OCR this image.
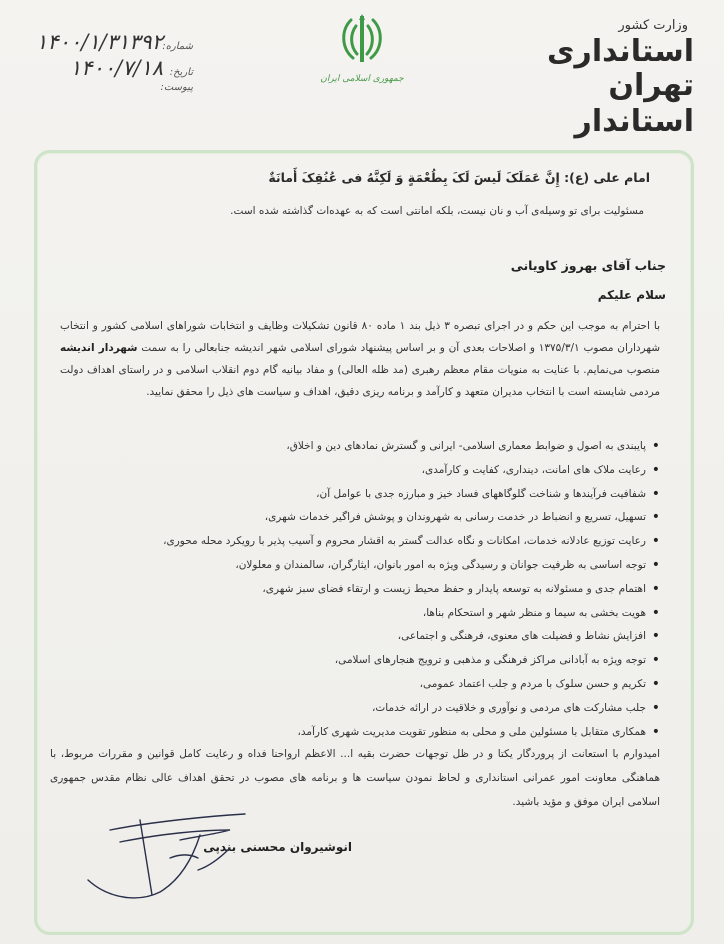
وزارت کشور
استانداری تهران
استاندار
جمهوری اسلامی ایران
شماره:
۱۴۰۰/۱/۳۱۳۹۲
تاریخ:
۱۴۰۰/۷/۱۸
پیوست:
امام علی (ع): إِنَّ عَمَلَکَ لَیسَ لَکَ بِطُعْمَةٍ وَ لَکِنَّهُ فی عُنُقِکَ أَمانَةٌ
مسئولیت برای تو وسیله‌ی آب و نان نیست، بلکه امانتی است که به عهده‌ات گذاشته شده است.
جناب آقای بهروز کاویانی
سلام علیکم
با احترام به موجب این حکم و در اجرای تبصره ۳ ذیل بند ۱ ماده ۸۰ قانون تشکیلات وظایف و انتخابات شوراهای اسلامی کشور و انتخاب شهرداران مصوب ۱۳۷۵/۳/۱ و اصلاحات بعدی آن و بر اساس پیشنهاد شورای اسلامی شهر اندیشه جنابعالی را به سمت شهردار اندیشه منصوب می‌نمایم. با عنایت به منویات مقام معظم رهبری (مد ظله العالی) و مفاد بیانیه گام دوم انقلاب اسلامی و در راستای اهداف دولت مردمی شایسته است با انتخاب مدیران متعهد و کارآمد و برنامه ریزی دقیق، اهداف و سیاست های ذیل را محقق نمایید.
• پایبندی به اصول و ضوابط معماری اسلامی- ایرانی و گسترش نمادهای دین و اخلاق،
• رعایت ملاک های امانت، دینداری، کفایت و کارآمدی،
• شفافیت فرآیندها و شناخت گلوگاههای فساد خیز و مبارزه جدی با عوامل آن،
• تسهیل، تسریع و انضباط در خدمت رسانی به شهروندان و پوشش فراگیر خدمات شهری،
• رعایت توزیع عادلانه خدمات، امکانات و نگاه عدالت گستر به اقشار محروم و آسیب پذیر با رویکرد محله محوری،
• توجه اساسی به ظرفیت جوانان و رسیدگی ویژه به امور بانوان، ایثارگران، سالمندان و معلولان،
• اهتمام جدی و مسئولانه به توسعه پایدار و حفظ محیط زیست و ارتقاء فضای سبز شهری،
• هویت بخشی به سیما و منظر شهر و استحکام بناها،
• افزایش نشاط و فضیلت های معنوی، فرهنگی و اجتماعی،
• توجه ویژه به آبادانی مراکز فرهنگی و مذهبی و ترویج هنجارهای اسلامی،
• تکریم و حسن سلوک با مردم و جلب اعتماد عمومی،
• جلب مشارکت های مردمی و نوآوری و خلاقیت در ارائه خدمات،
• همکاری متقابل با مسئولین ملی و محلی به منظور تقویت مدیریت شهری کارآمد،
امیدوارم با استعانت از پروردگار یکتا و در ظل توجهات حضرت بقیه ا... الاعظم ارواحنا فداه و رعایت کامل قوانین و مقررات مربوط، با هماهنگی معاونت امور عمرانی استانداری و لحاظ نمودن سیاست ها و برنامه های مصوب در تحقق اهداف عالی نظام مقدس جمهوری اسلامی ایران موفق و مؤید باشید.
انوشیروان محسنی بندپی
